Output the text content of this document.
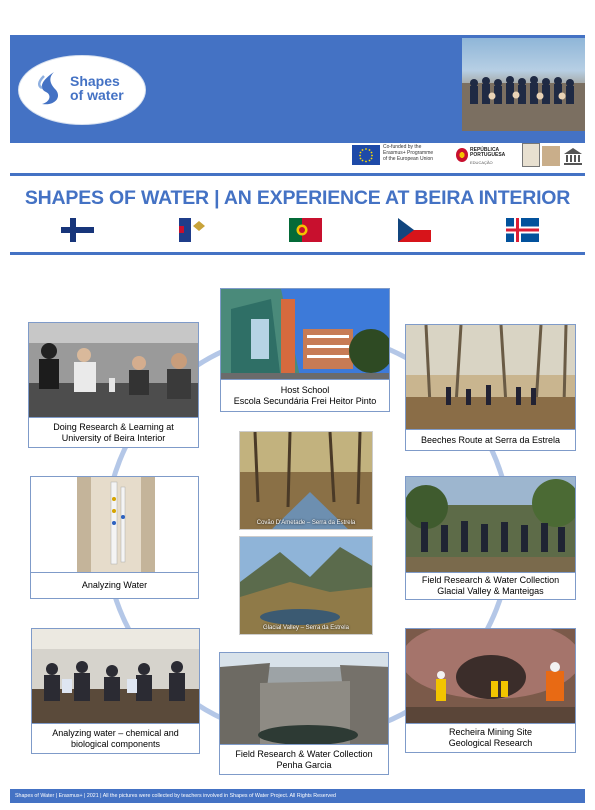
Shapes
of water
Co-funded by the
Erasmus+ Programme
of the European Union
REPÚBLICA
PORTUGUESA
EDUCAÇÃO
SHAPES OF WATER | AN EXPERIENCE AT BEIRA INTERIOR
Host School
Escola Secundária Frei Heitor Pinto
Doing Research & Learning at
University of Beira Interior	Beeches Route at Serra da Estrela
Analyzing Water	Field Research & Water Collection
Glacial Valley & Manteigas
Analyzing water – chemical and
biological components
Field Research & Water Collection
Penha Garcia
Recheira Mining Site
Geological Research
Covão D'Ametade – Serra da Estrela
Glacial Valley – Serra da Estrela
Shapes of Water | Erasmus+ | 2021 | All the pictures were collected by teachers involved in Shapes of Water Project. All Rights Reserved
